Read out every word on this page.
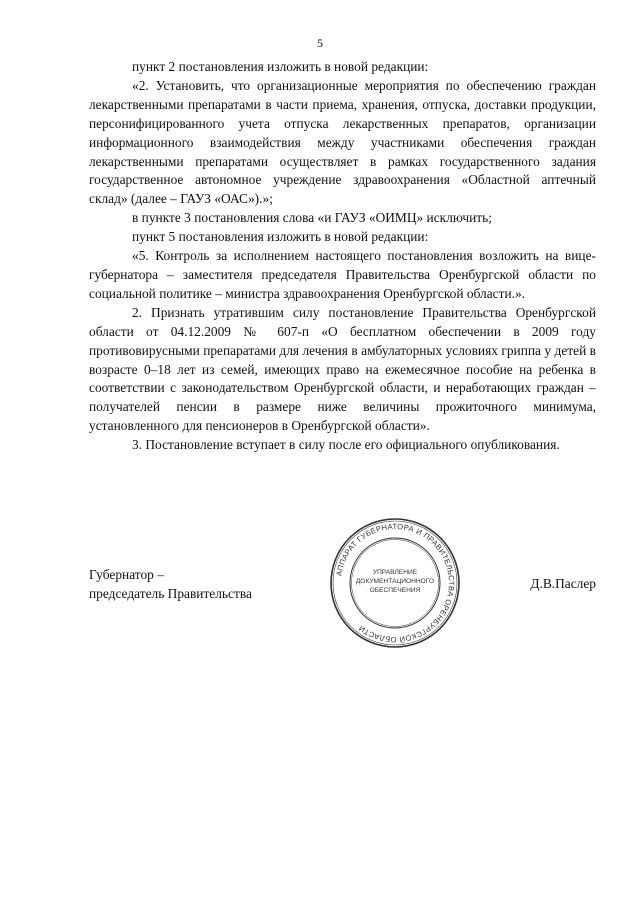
5

пункт 2 постановления изложить в новой редакции:

«2. Установить, что организационные мероприятия по обеспечению граждан лекарственными препаратами в части приема, хранения, отпуска, доставки продукции, персонифицированного учета отпуска лекарственных препаратов, организации информационного взаимодействия между участниками обеспечения граждан лекарственными препаратами осуществляет в рамках государственного задания государственное автономное учреждение здравоохранения «Областной аптечный склад» (далее – ГАУЗ «ОАС»).»;

в пункте 3 постановления слова «и ГАУЗ «ОИМЦ» исключить;

пункт 5 постановления изложить в новой редакции:

«5. Контроль за исполнением настоящего постановления возложить на вице-губернатора – заместителя председателя Правительства Оренбургской области по социальной политике – министра здравоохранения Оренбургской области.».

2. Признать утратившим силу постановление Правительства Оренбургской области от 04.12.2009 № 607-п «О бесплатном обеспечении в 2009 году противовирусными препаратами для лечения в амбулаторных условиях гриппа у детей в возрасте 0–18 лет из семей, имеющих право на ежемесячное пособие на ребенка в соответствии с законодательством Оренбургской области, и неработающих граждан – получателей пенсии в размере ниже величины прожиточного минимума, установленного для пенсионеров в Оренбургской области».

3. Постановление вступает в силу после его официального опубликования.

Губернатор –
председатель Правительства
АППАРАТ ГУБЕРНАТОРА И ПРАВИТЕЛЬСТВА ОРЕНБУРГСКОЙ ОБЛАСТИ
УПРАВЛЕНИЕ
ДОКУМЕНТАЦИОННОГО
ОБЕСПЕЧЕНИЯ	Д.В.Паслер
